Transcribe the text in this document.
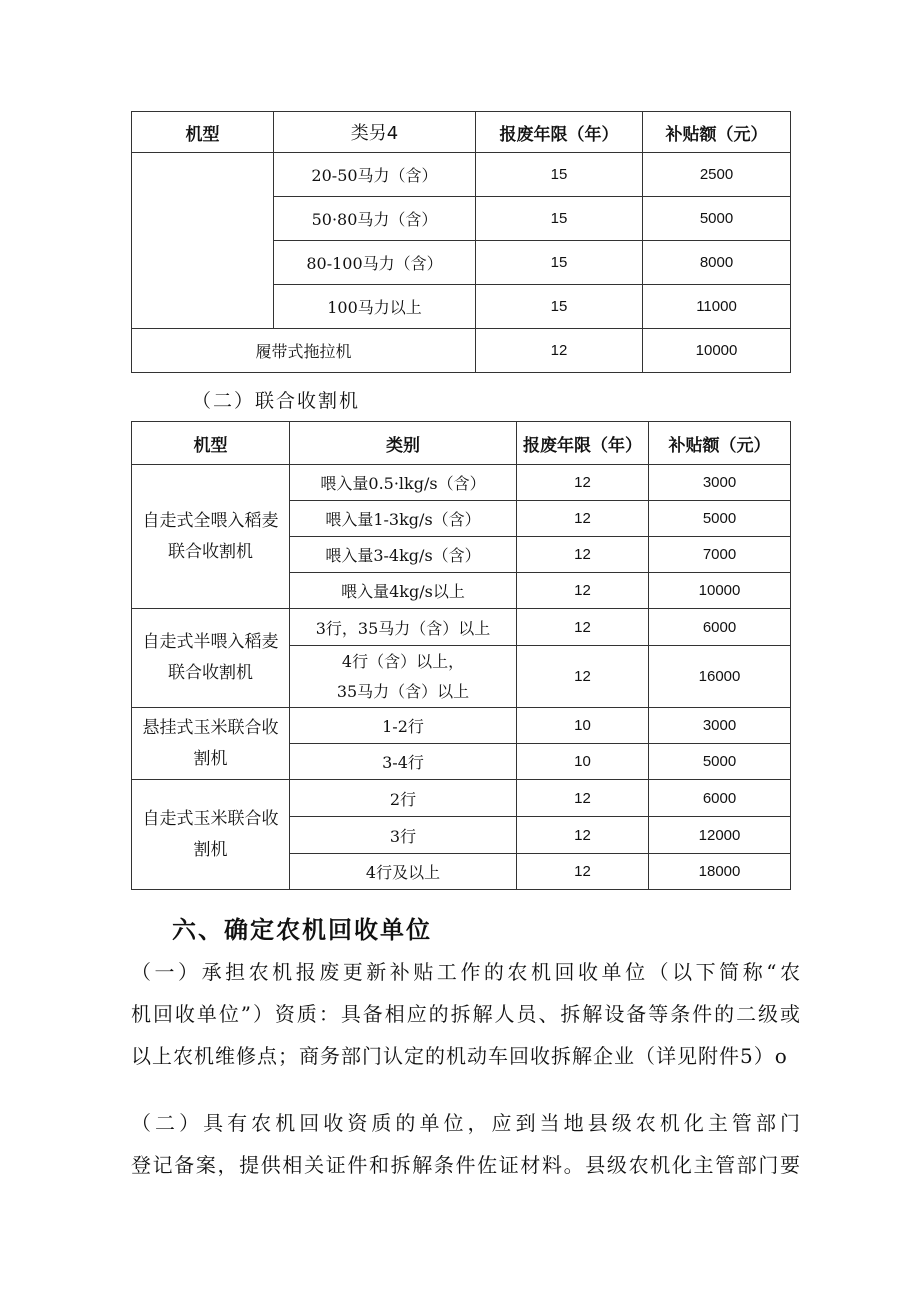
机型	类另4	报废年限（年）	补贴额（元）
	20-50马力（含）	15	2500
	50·80马力（含）	15	5000
	80-100马力（含）	15	8000
	100马力以上	15	11000
履带式拖拉机		12	10000
（二）联合收割机
机型	类别	报废年限（年）	补贴额（元）
自走式全喂入稻麦联合收割机	喂入量0.5·lkg/s（含）	12	3000
	喂入量1-3kg/s（含）	12	5000
	喂入量3-4kg/s（含）	12	7000
	喂入量4kg/s以上	12	10000
自走式半喂入稻麦联合收割机	3行，35马力（含）以上	12	6000

	4行（含）以上，
35马力（含）以上	12	16000
悬挂式玉米联合收割机	1-2行	10	3000
	3-4行	10	5000
自走式玉米联合收割机	2行	12	6000
	3行	12	12000
	4行及以上	12	18000
六、确定农机回收单位
（一）承担农机报废更新补贴工作的农机回收单位（以下简称“农
机回收单位”）资质：具备相应的拆解人员、拆解设备等条件的二级或
以上农机维修点；商务部门认定的机动车回收拆解企业（详见附件5）o
（二）具有农机回收资质的单位，应到当地县级农机化主管部门
登记备案，提供相关证件和拆解条件佐证材料。县级农机化主管部门要
